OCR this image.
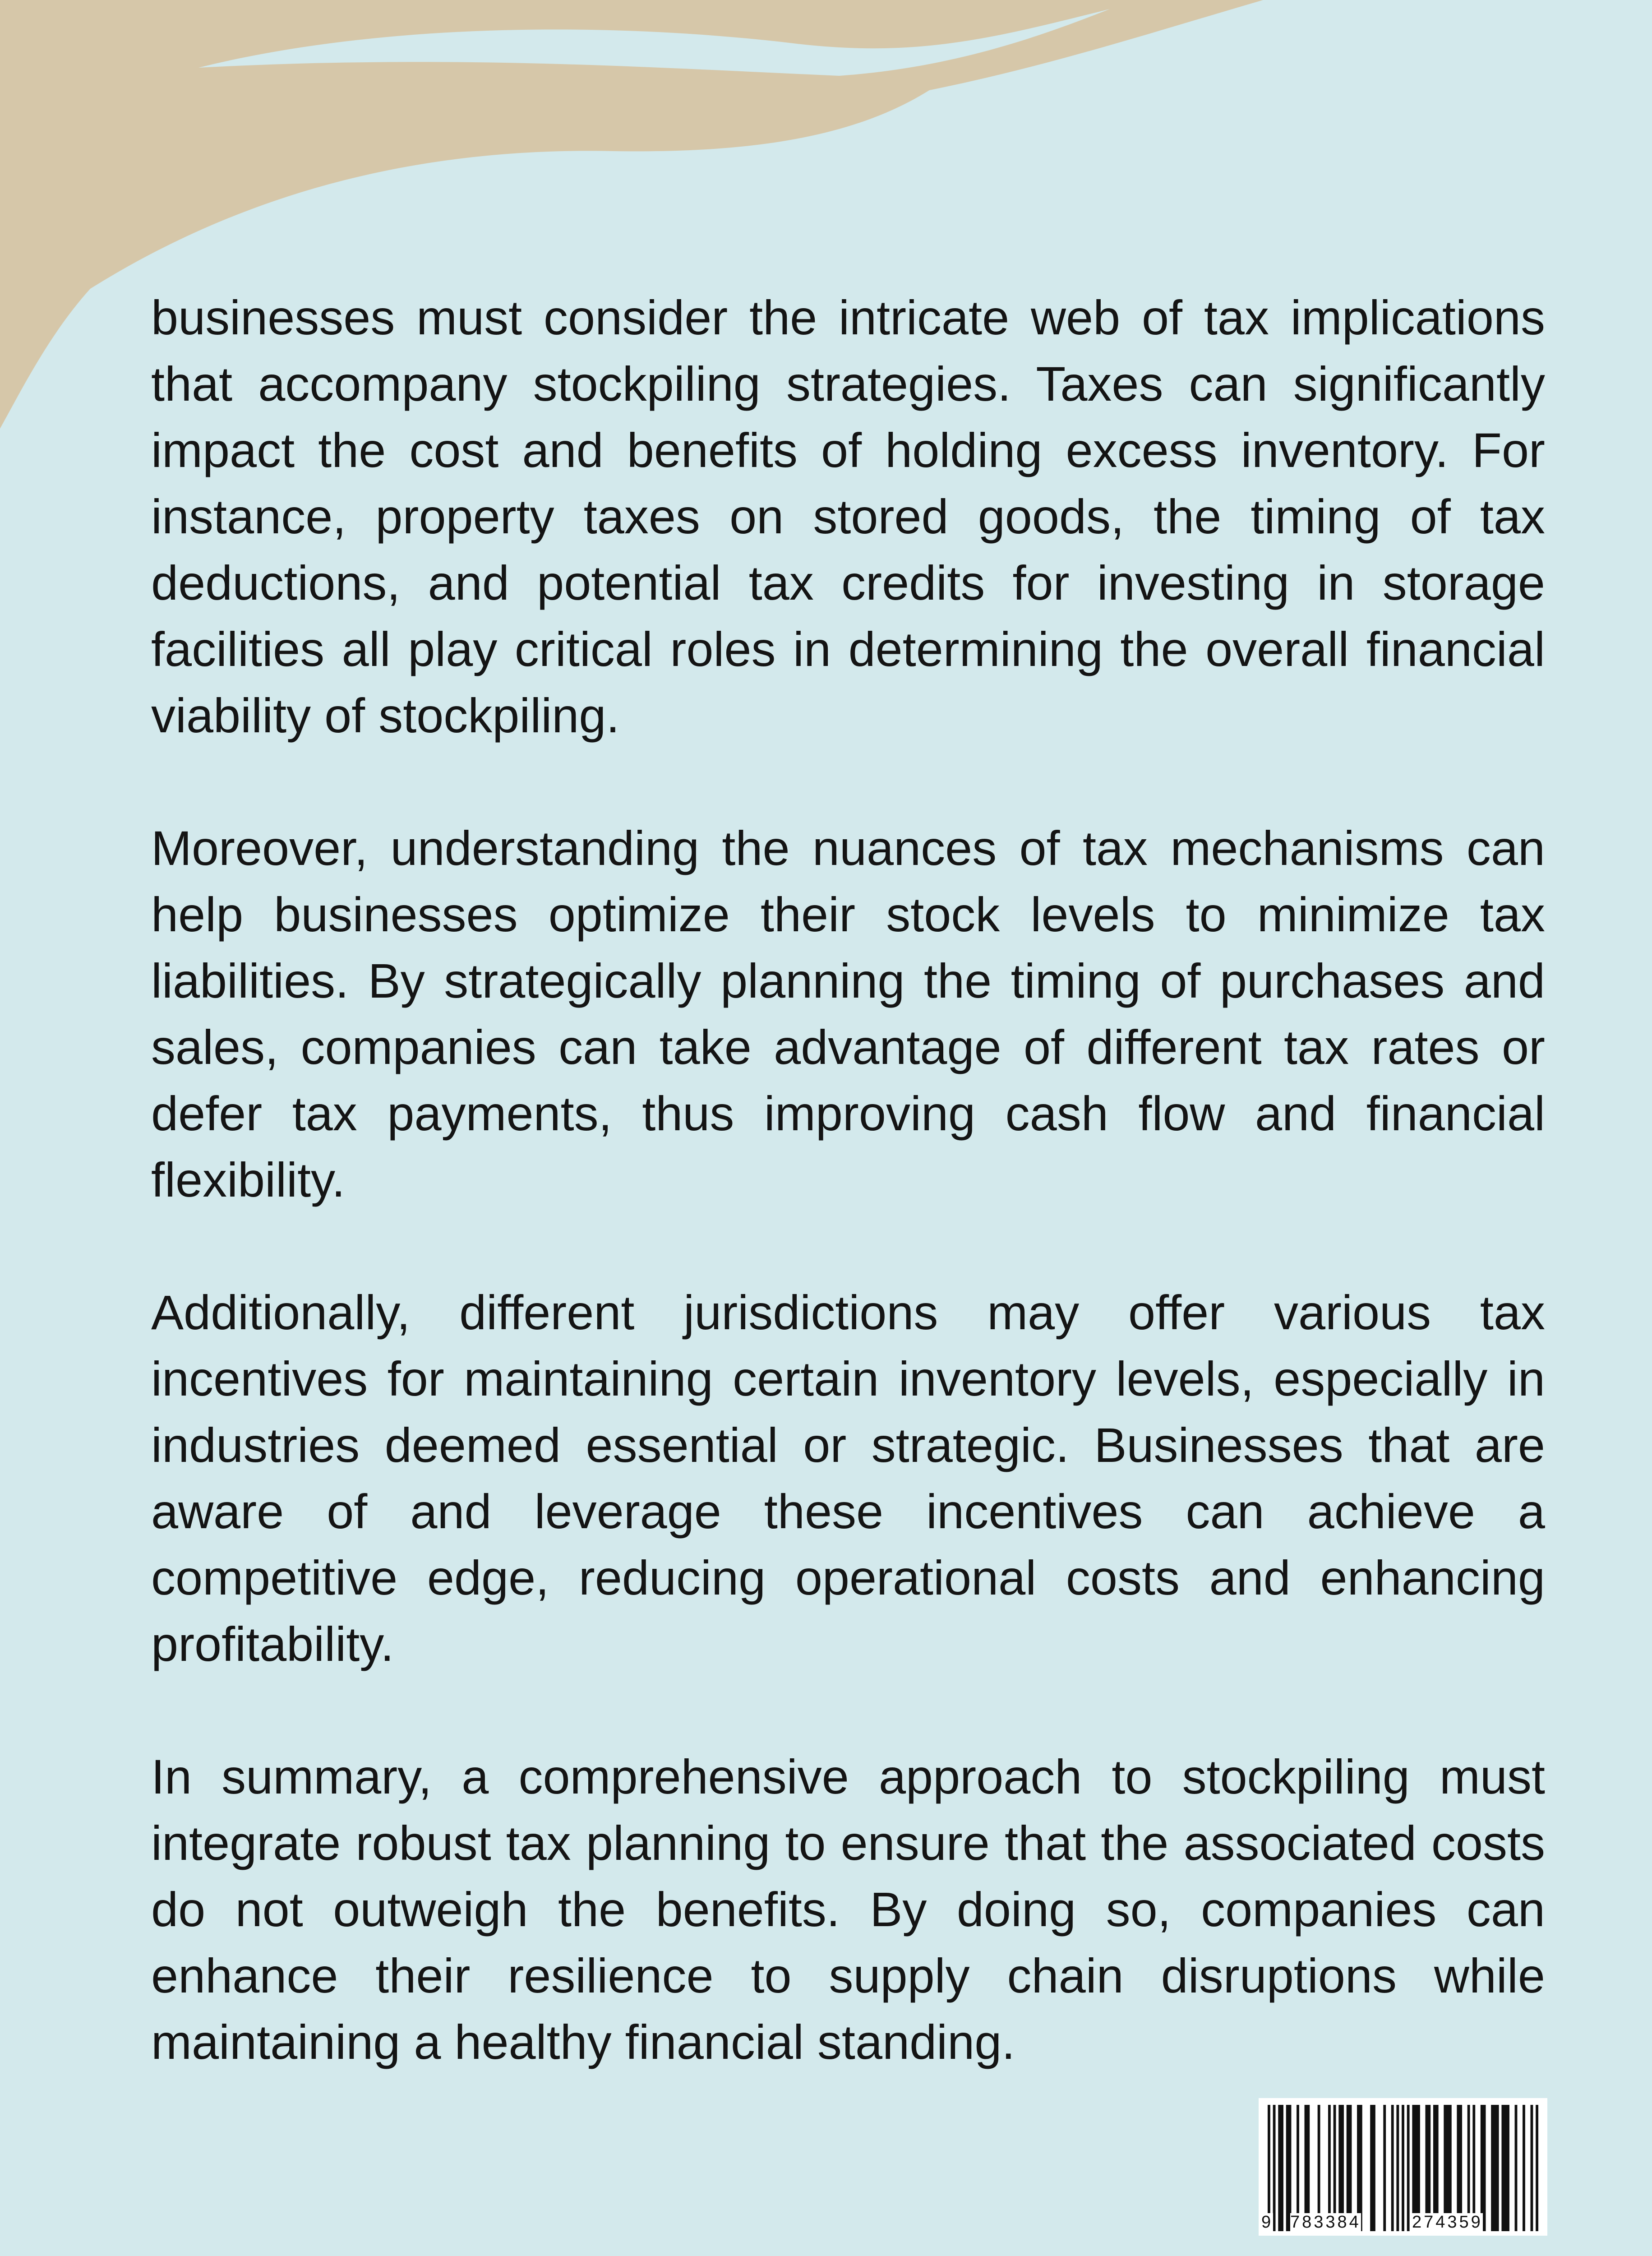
businesses must consider the intricate web of tax implications that accompany stockpiling strategies. Taxes can significantly impact the cost and benefits of holding excess inventory. For instance, property taxes on stored goods, the timing of tax deductions, and potential tax credits for investing in storage facilities all play critical roles in determining the overall financial viability of stockpiling.

Moreover, understanding the nuances of tax mechanisms can help businesses optimize their stock levels to minimize tax liabilities. By strategically planning the timing of purchases and sales, companies can take advantage of different tax rates or defer tax payments, thus improving cash flow and financial flexibility.

Additionally, different jurisdictions may offer various tax incentives for maintaining certain inventory levels, especially in industries deemed essential or strategic. Businesses that are aware of and leverage these incentives can achieve a competitive edge, reducing operational costs and enhancing profitability.

In summary, a comprehensive approach to stockpiling must integrate robust tax planning to ensure that the associated costs do not outweigh the benefits. By doing so, companies can enhance their resilience to supply chain disruptions while maintaining a healthy financial standing.

9 783384	274359
